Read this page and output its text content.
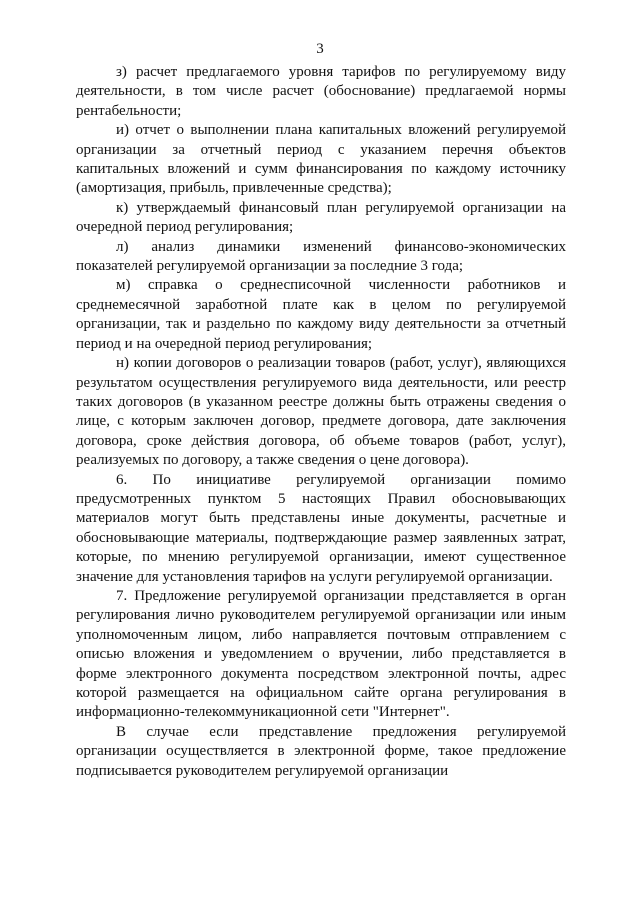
3

з) расчет предлагаемого уровня тарифов по регулируемому виду деятельности, в том числе расчет (обоснование) предлагаемой нормы рентабельности;

и) отчет о выполнении плана капитальных вложений регулируемой организации за отчетный период с указанием перечня объектов капитальных вложений и сумм финансирования по каждому источнику (амортизация, прибыль, привлеченные средства);

к) утверждаемый финансовый план регулируемой организации на очередной период регулирования;

л) анализ динамики изменений финансово-экономических показателей регулируемой организации за последние 3 года;

м) справка о среднесписочной численности работников и среднемесячной заработной плате как в целом по регулируемой организации, так и раздельно по каждому виду деятельности за отчетный период и на очередной период регулирования;

н) копии договоров о реализации товаров (работ, услуг), являющихся результатом осуществления регулируемого вида деятельности, или реестр таких договоров (в указанном реестре должны быть отражены сведения о лице, с которым заключен договор, предмете договора, дате заключения договора, сроке действия договора, об объеме товаров (работ, услуг), реализуемых по договору, а также сведения о цене договора).

6. По инициативе регулируемой организации помимо предусмотренных пунктом 5 настоящих Правил обосновывающих материалов могут быть представлены иные документы, расчетные и обосновывающие материалы, подтверждающие размер заявленных затрат, которые, по мнению регулируемой организации, имеют существенное значение для установления тарифов на услуги регулируемой организации.

7. Предложение регулируемой организации представляется в орган регулирования лично руководителем регулируемой организации или иным уполномоченным лицом, либо направляется почтовым отправлением с описью вложения и уведомлением о вручении, либо представляется в форме электронного документа посредством электронной почты, адрес которой размещается на официальном сайте органа регулирования в информационно-телекоммуникационной сети "Интернет".

В случае если представление предложения регулируемой организации осуществляется в электронной форме, такое предложение подписывается руководителем регулируемой организации
